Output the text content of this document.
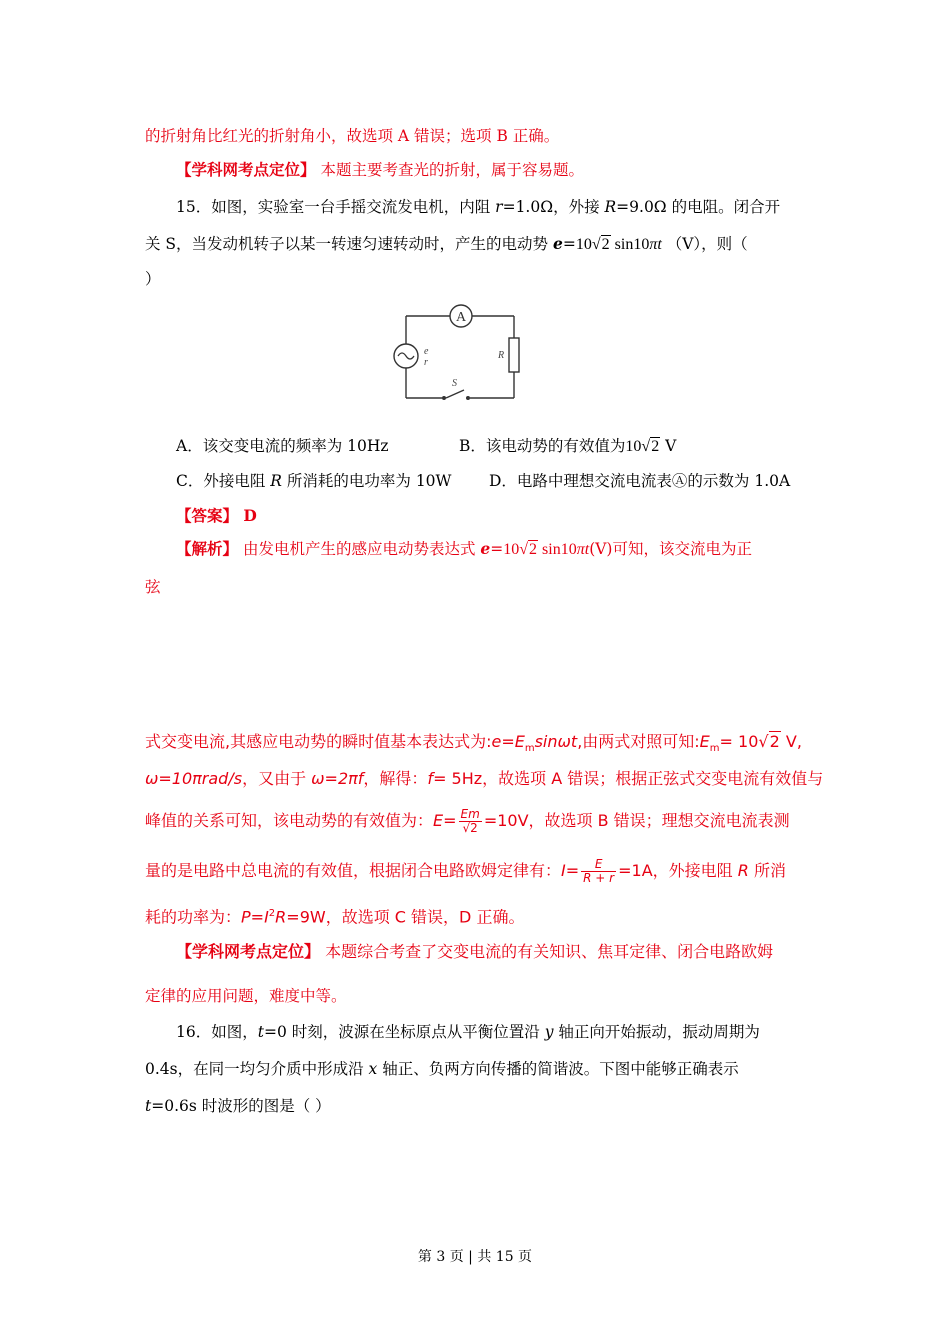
的折射角比红光的折射角小，故选项 A 错误；选项 B 正确。
【学科网考点定位】 本题主要考查光的折射，属于容易题。
15．如图，实验室一台手摇交流发电机，内阻 r=1.0Ω，外接 R=9.0Ω 的电阻。闭合开
关 S，当发动机转子以某一转速匀速转动时，产生的电动势 e=10√2 sin10πt （V），则（
）
A
e
r
R
S
A．该交变电流的频率为 10Hz	B．该电动势的有效值为10√2 V
C．外接电阻 R 所消耗的电功率为 10W D．电路中理想交流电流表Ⓐ的示数为 1.0A
【答案】 D
【解析】 由发电机产生的感应电动势表达式 e=10√2 sin10πt(V)可知，该交流电为正
弦
式交变电流,其感应电动势的瞬时值基本表达式为$:e=E_m\sin\omega t$,由两式对照可知$:E_m= 10√2$ V,
ω=10πrad/s，又由于 ω=2πf，解得：f= 5Hz，故选项 A 错误；根据正弦式交变电流有效值与
峰值的关系可知，该电动势的有效值为：$E= \frac{Em}{√2} =10V$，故选项 B 错误；理想交流电流表测
量的是电路中总电流的有效值，根据闭合电路欧姆定律有：$I= \frac{E}{R + r} =1A$，外接电阻 R 所消
耗的功率为：$P=I^2R=9W$，故选项 C 错误，D 正确。
【学科网考点定位】 本题综合考查了交变电流的有关知识、焦耳定律、闭合电路欧姆
定律的应用问题，难度中等。
16．如图，t=0 时刻，波源在坐标原点从平衡位置沿 y 轴正向开始振动，振动周期为
0.4s，在同一均匀介质中形成沿 x 轴正、负两方向传播的简谐波。下图中能够正确表示
t=0.6s 时波形的图是（ ）
第 3 页 | 共 15 页
